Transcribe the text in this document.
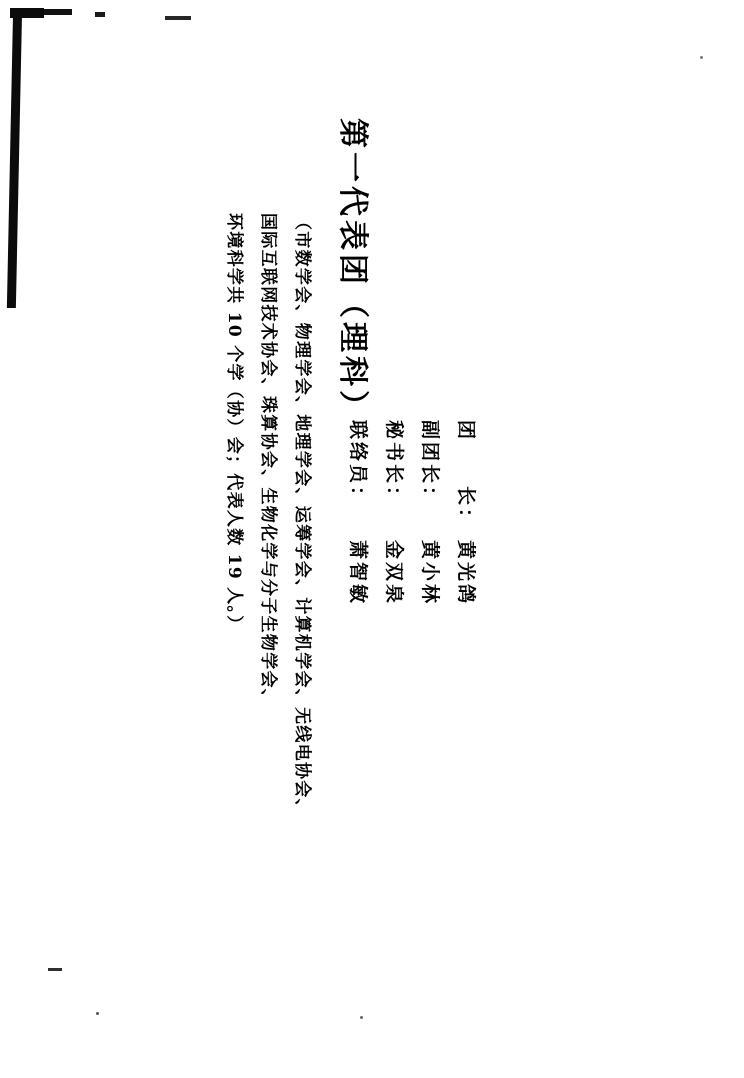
第一代表团（理科）
（市数学会、物理学会、地理学会、运筹学会、计算机学会、无线电协会、
国际互联网技术协会、珠算协会、生物化学与分子生物学会、
环境科学共 10 个学（协）会；代表人数 19 人。）	团　　长：
黄光鸽
副团长：
黄小林
秘书长：
金双泉
联络员：
萧智敏
